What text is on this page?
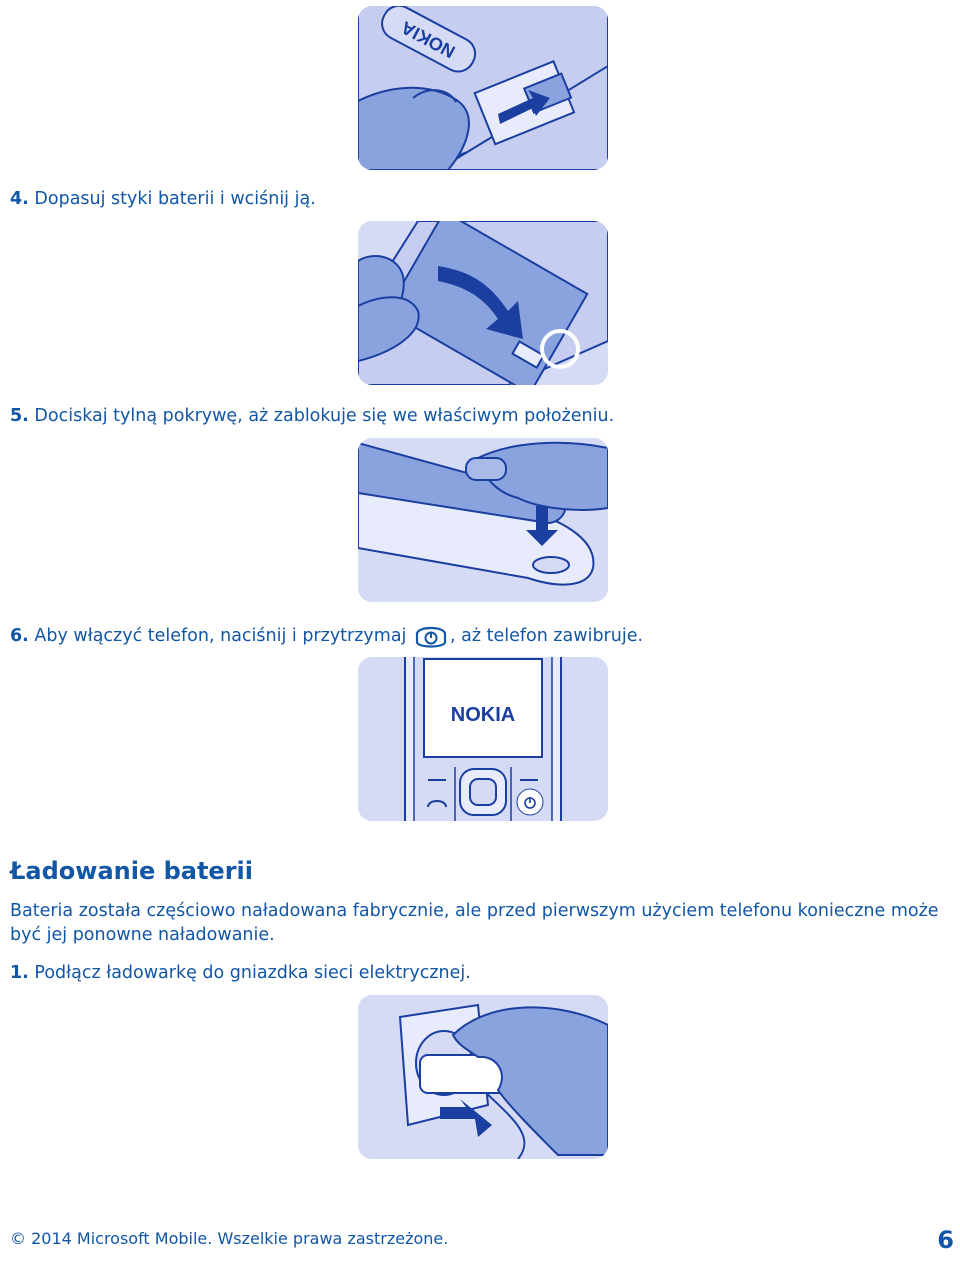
NOKIA
4. Dopasuj styki baterii i wciśnij ją.
5. Dociskaj tylną pokrywę, aż zablokuje się we właściwym położeniu.
6. Aby włączyć telefon, naciśnij i przytrzymaj , aż telefon zawibruje.
NOKIA
Ładowanie baterii
Bateria została częściowo naładowana fabrycznie, ale przed pierwszym użyciem telefonu konieczne może być jej ponowne naładowanie.
1. Podłącz ładowarkę do gniazdka sieci elektrycznej.
© 2014 Microsoft Mobile. Wszelkie prawa zastrzeżone.	6
